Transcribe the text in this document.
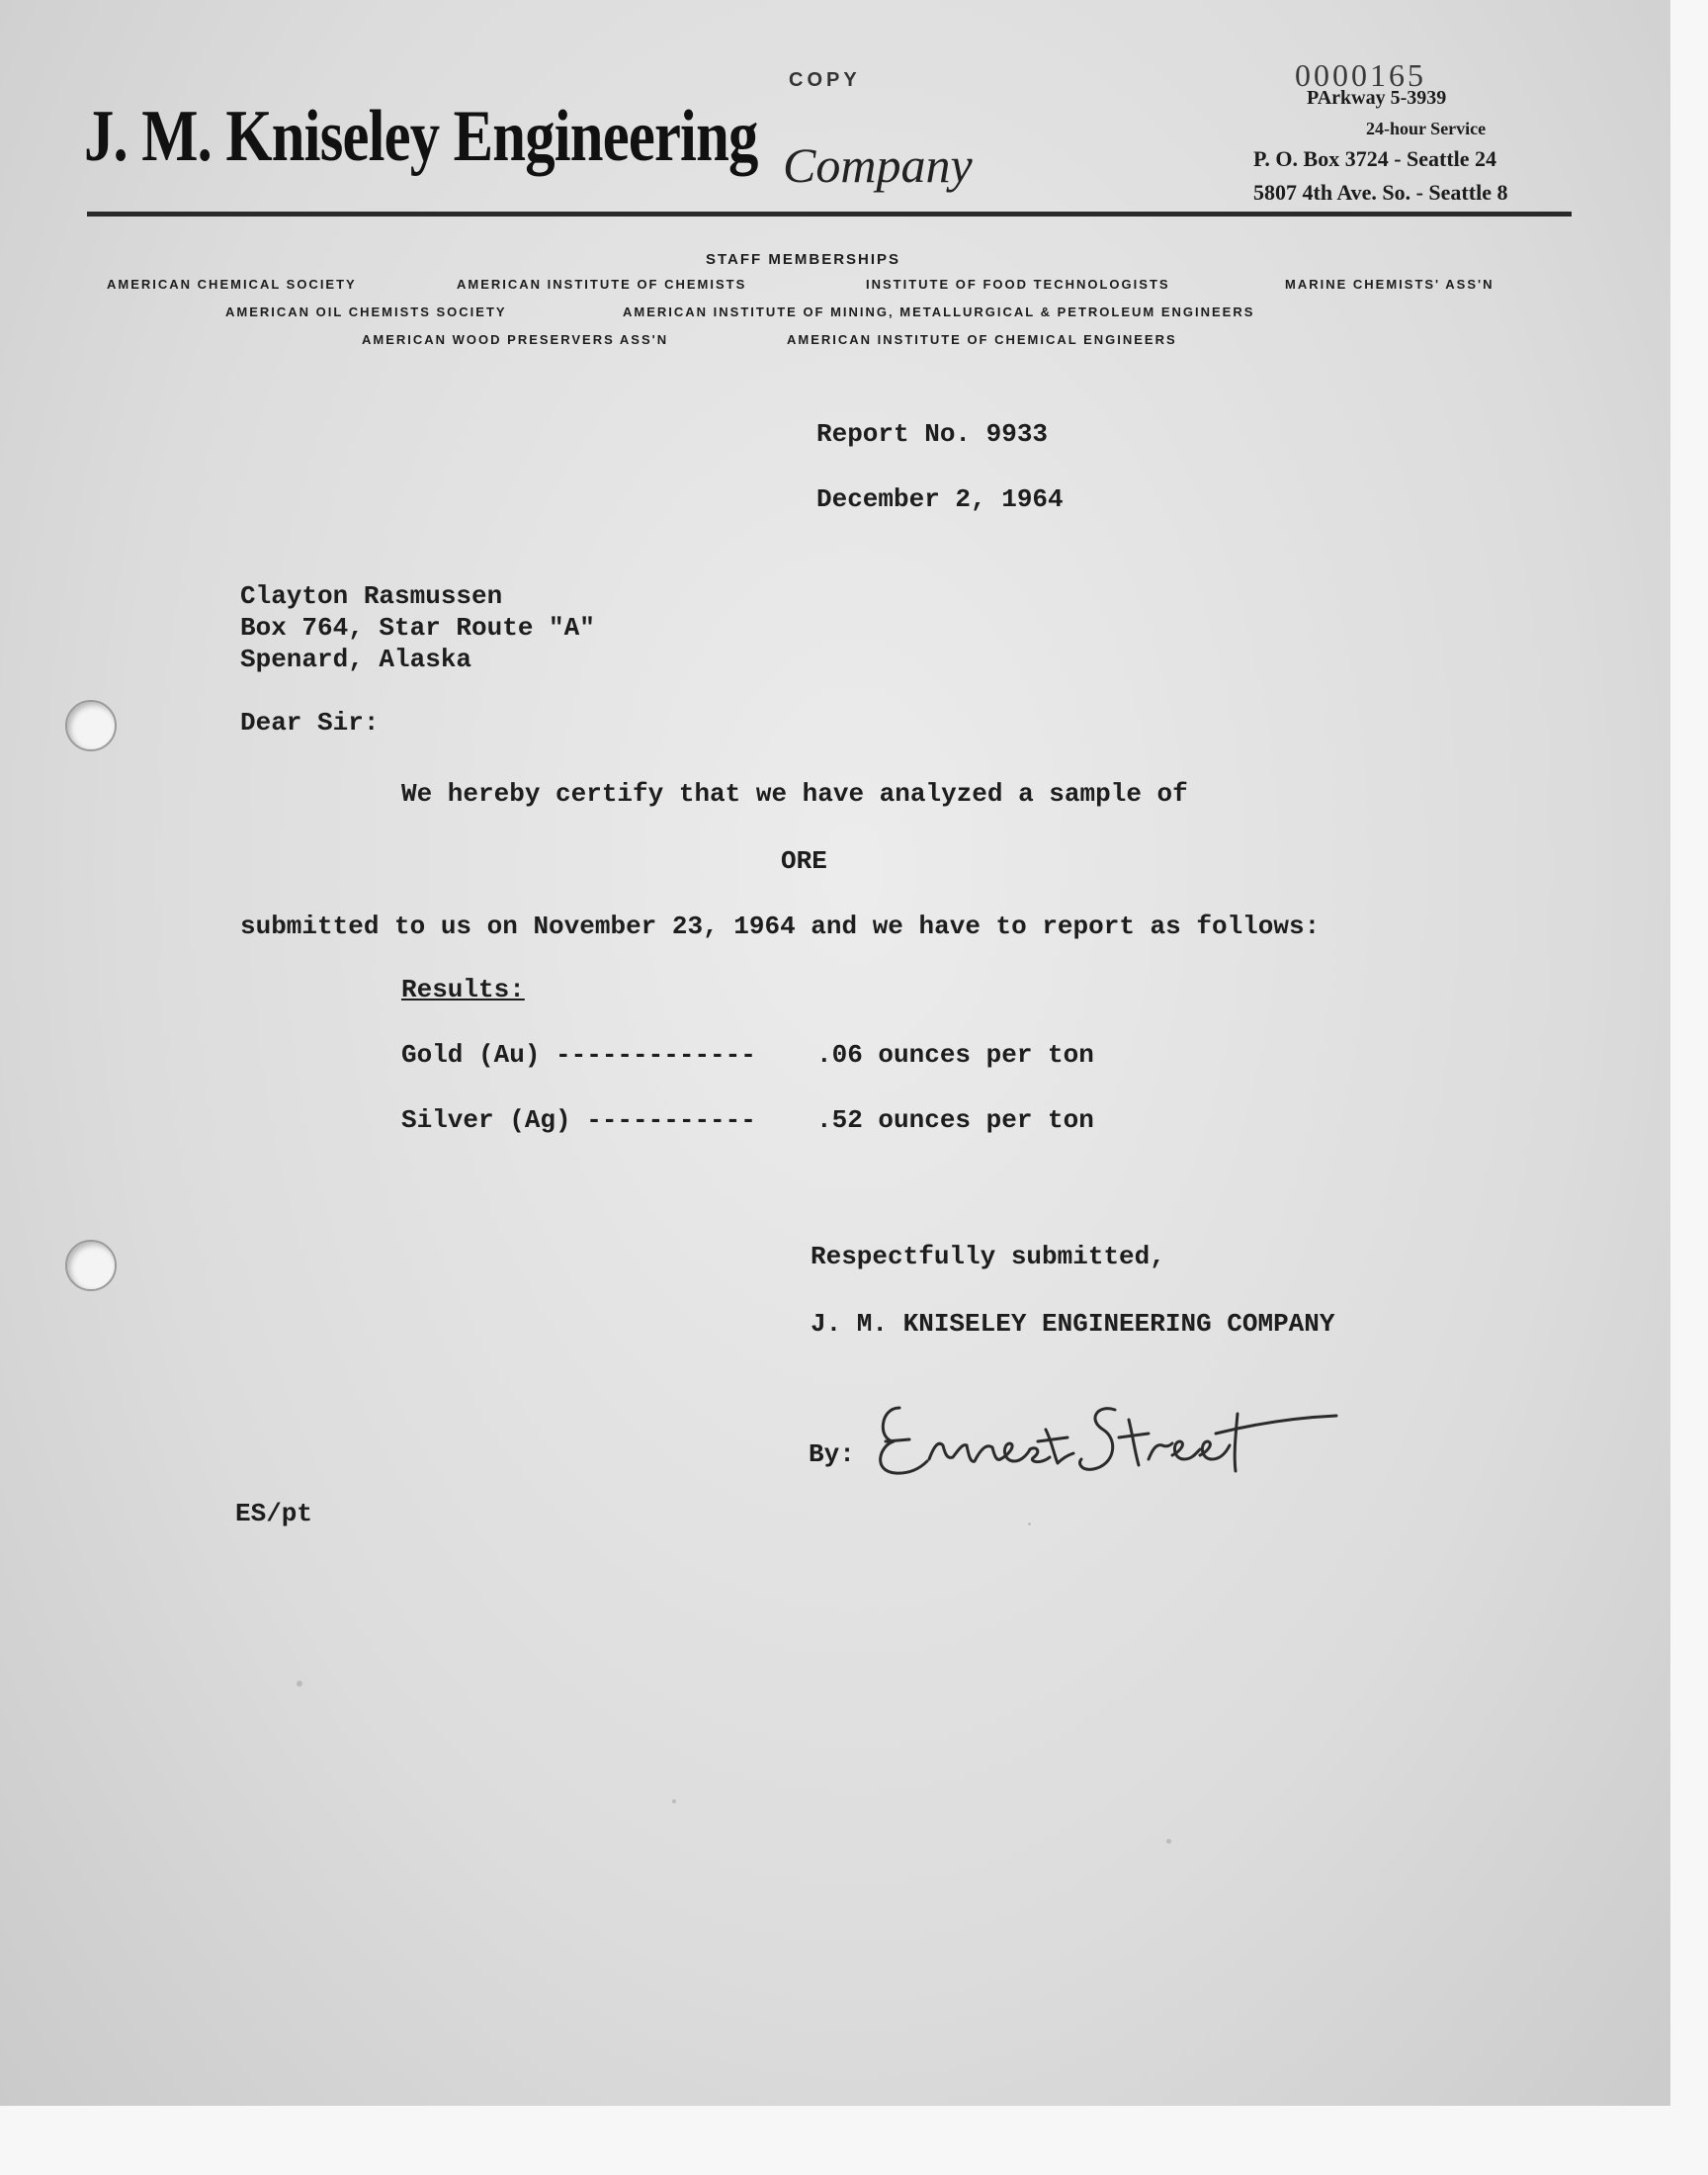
0000165
COPY
J. M. Kniseley Engineering Company
PArkway 5-3939
24-hour Service
P. O. Box 3724 - Seattle 24
5807 4th Ave. So. - Seattle 8
STAFF MEMBERSHIPS
AMERICAN CHEMICAL SOCIETY	AMERICAN INSTITUTE OF CHEMISTS	INSTITUTE OF FOOD TECHNOLOGISTS	MARINE CHEMISTS' ASS'N
AMERICAN OIL CHEMISTS SOCIETY	AMERICAN INSTITUTE OF MINING, METALLURGICAL & PETROLEUM ENGINEERS
AMERICAN WOOD PRESERVERS ASS'N	AMERICAN INSTITUTE OF CHEMICAL ENGINEERS
Report No. 9933
December 2, 1964
Clayton Rasmussen
Box 764, Star Route "A"
Spenard, Alaska
Dear Sir:
We hereby certify that we have analyzed a sample of
ORE
submitted to us on November 23, 1964 and we have to report as follows:
Results:
Gold (Au) ------------- .06 ounces per ton
Silver (Ag) ----------- .52 ounces per ton
Respectfully submitted,
J. M. KNISELEY ENGINEERING COMPANY
By:
ES/pt
